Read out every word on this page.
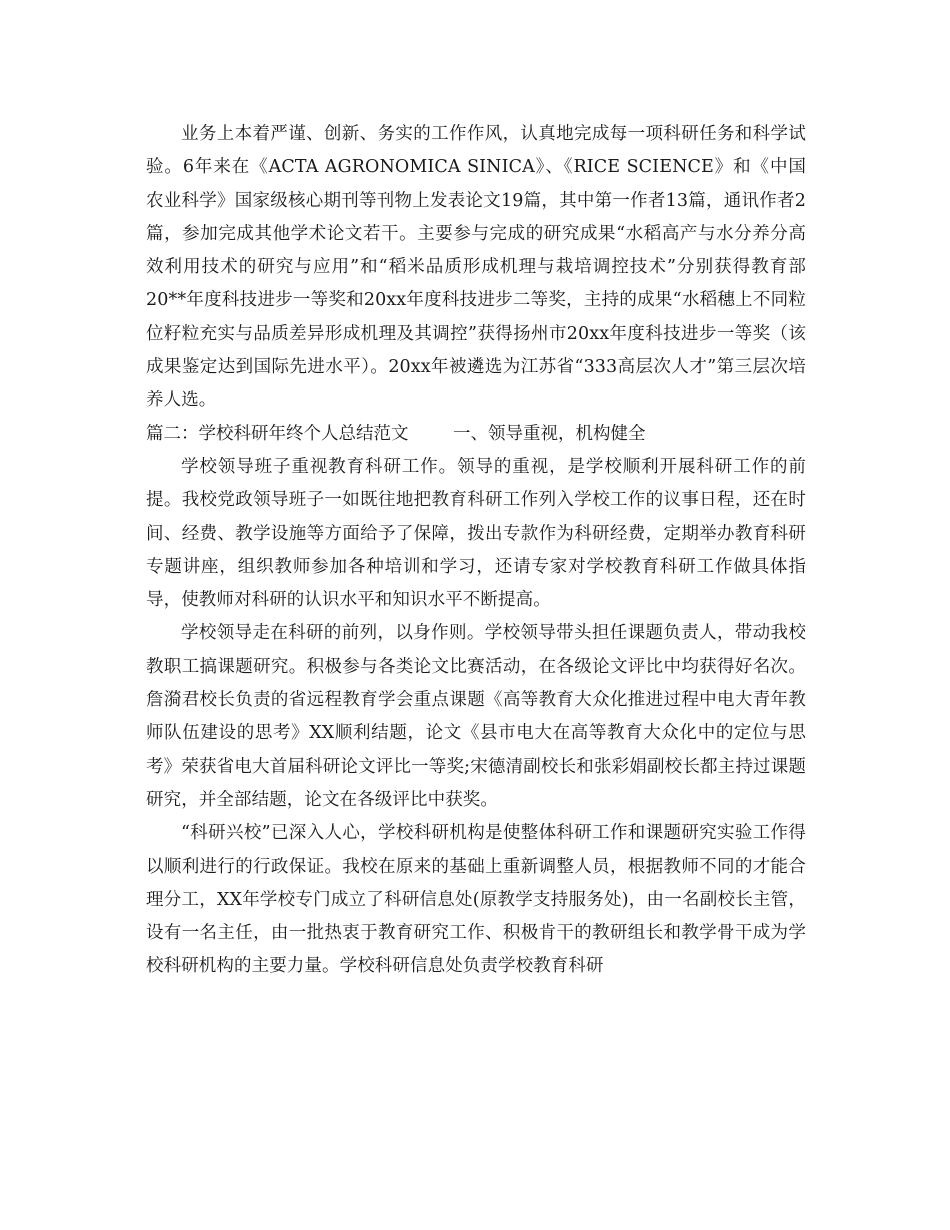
业务上本着严谨、创新、务实的工作作风，认真地完成每一项科研任务和科学试验。6年来在《ACTA AGRONOMICA SINICA》、《RICE SCIENCE》和《中国农业科学》国家级核心期刊等刊物上发表论文19篇，其中第一作者13篇，通讯作者2篇，参加完成其他学术论文若干。主要参与完成的研究成果“水稻高产与水分养分高效利用技术的研究与应用”和“稻米品质形成机理与栽培调控技术”分别获得教育部20**年度科技进步一等奖和20xx年度科技进步二等奖，主持的成果“水稻穗上不同粒位籽粒充实与品质差异形成机理及其调控”获得扬州市20xx年度科技进步一等奖（该成果鉴定达到国际先进水平）。20xx年被遴选为江苏省“333高层次人才”第三层次培养人选。

篇二：学校科研年终个人总结范文        一、领导重视，机构健全

学校领导班子重视教育科研工作。领导的重视，是学校顺利开展科研工作的前提。我校党政领导班子一如既往地把教育科研工作列入学校工作的议事日程，还在时间、经费、教学设施等方面给予了保障，拨出专款作为科研经费，定期举办教育科研专题讲座，组织教师参加各种培训和学习，还请专家对学校教育科研工作做具体指导，使教师对科研的认识水平和知识水平不断提高。

学校领导走在科研的前列，以身作则。学校领导带头担任课题负责人，带动我校教职工搞课题研究。积极参与各类论文比赛活动，在各级论文评比中均获得好名次。詹漪君校长负责的省远程教育学会重点课题《高等教育大众化推进过程中电大青年教师队伍建设的思考》XX顺利结题，论文《县市电大在高等教育大众化中的定位与思考》荣获省电大首届科研论文评比一等奖;宋德清副校长和张彩娟副校长都主持过课题研究，并全部结题，论文在各级评比中获奖。

“科研兴校”已深入人心，学校科研机构是使整体科研工作和课题研究实验工作得以顺利进行的行政保证。我校在原来的基础上重新调整人员，根据教师不同的才能合理分工，XX年学校专门成立了科研信息处(原教学支持服务处)，由一名副校长主管，设有一名主任，由一批热衷于教育研究工作、积极肯干的教研组长和教学骨干成为学校科研机构的主要力量。学校科研信息处负责学校教育科研
